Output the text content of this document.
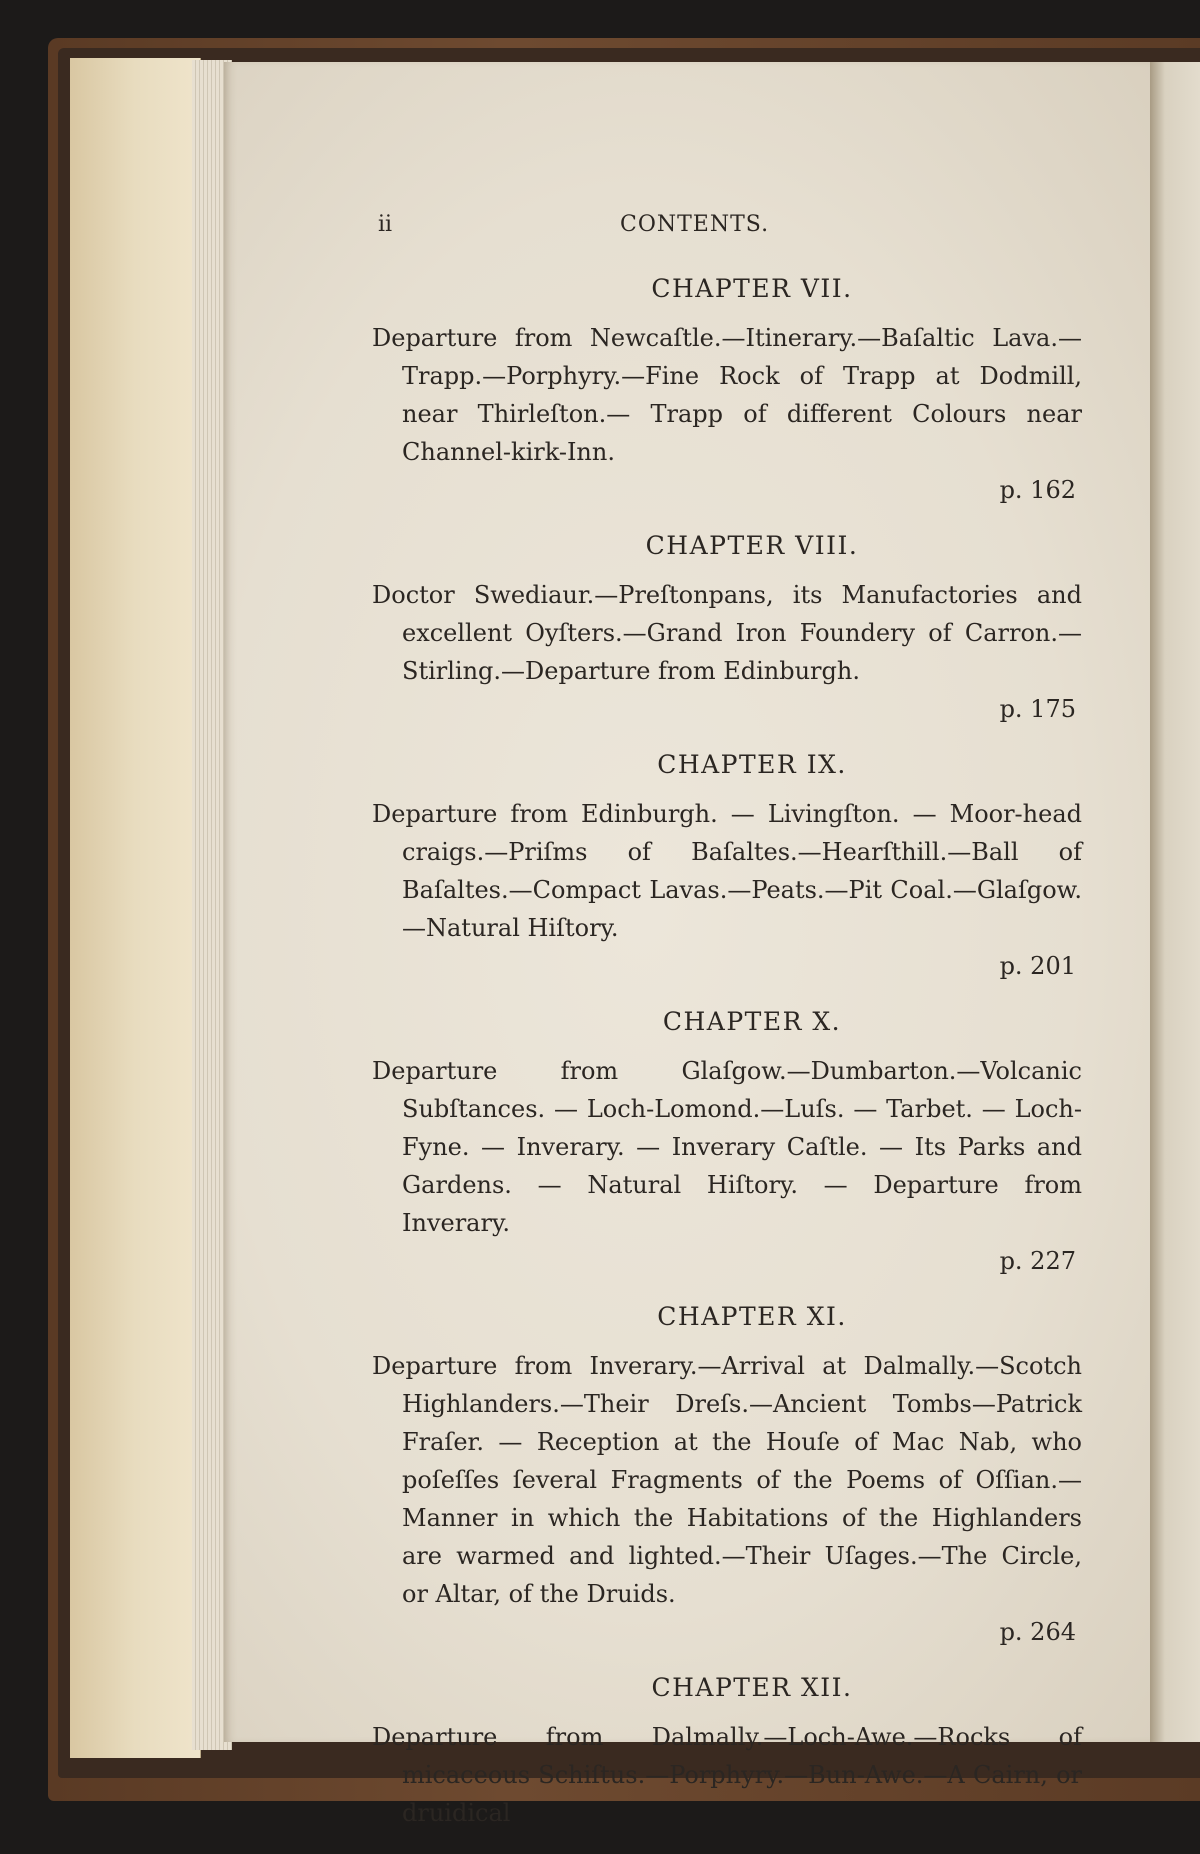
ii	CONTENTS.
CHAPTER VII.

Departure from Newcaſtle.—Itinerary.—Baſaltic Lava.—Trapp.—Porphyry.—Fine Rock of Trapp at Dodmill, near Thirleſton.— Trapp of different Colours near Channel-kirk-Inn.
p. 162

CHAPTER VIII.

Doctor Swediaur.—Preſtonpans, its Manufactories and excellent Oyſters.—Grand Iron Foundery of Carron.—Stirling.—Departure from Edinburgh.
p. 175

CHAPTER IX.

Departure from Edinburgh. — Livingſton. — Moor-head craigs.—Priſms of Baſaltes.—Hearſthill.—Ball of Baſaltes.—Compact Lavas.—Peats.—Pit Coal.—Glaſgow.—Natural Hiſtory.
p. 201

CHAPTER X.

Departure from Glaſgow.—Dumbarton.—Volcanic Subſtances. — Loch-Lomond.—Luſs. — Tarbet. — Loch-Fyne. — Inverary. — Inverary Caſtle. — Its Parks and Gardens. — Natural Hiſtory. — Departure from Inverary.
p. 227

CHAPTER XI.

Departure from Inverary.—Arrival at Dalmally.—Scotch Highlanders.—Their Dreſs.—Ancient Tombs—Patrick Fraſer. — Reception at the Houſe of Mac Nab, who poſeſſes ſeveral Fragments of the Poems of Oſſian.—Manner in which the Habitations of the Highlanders are warmed and lighted.—Their Uſages.—The Circle, or Altar, of the Druids.
p. 264

CHAPTER XII.

Departure from Dalmally.—Loch-Awe.—Rocks of micaceous Schiſtus.—Porphyry.—Bun-Awe.—A Cairn, or druidical
